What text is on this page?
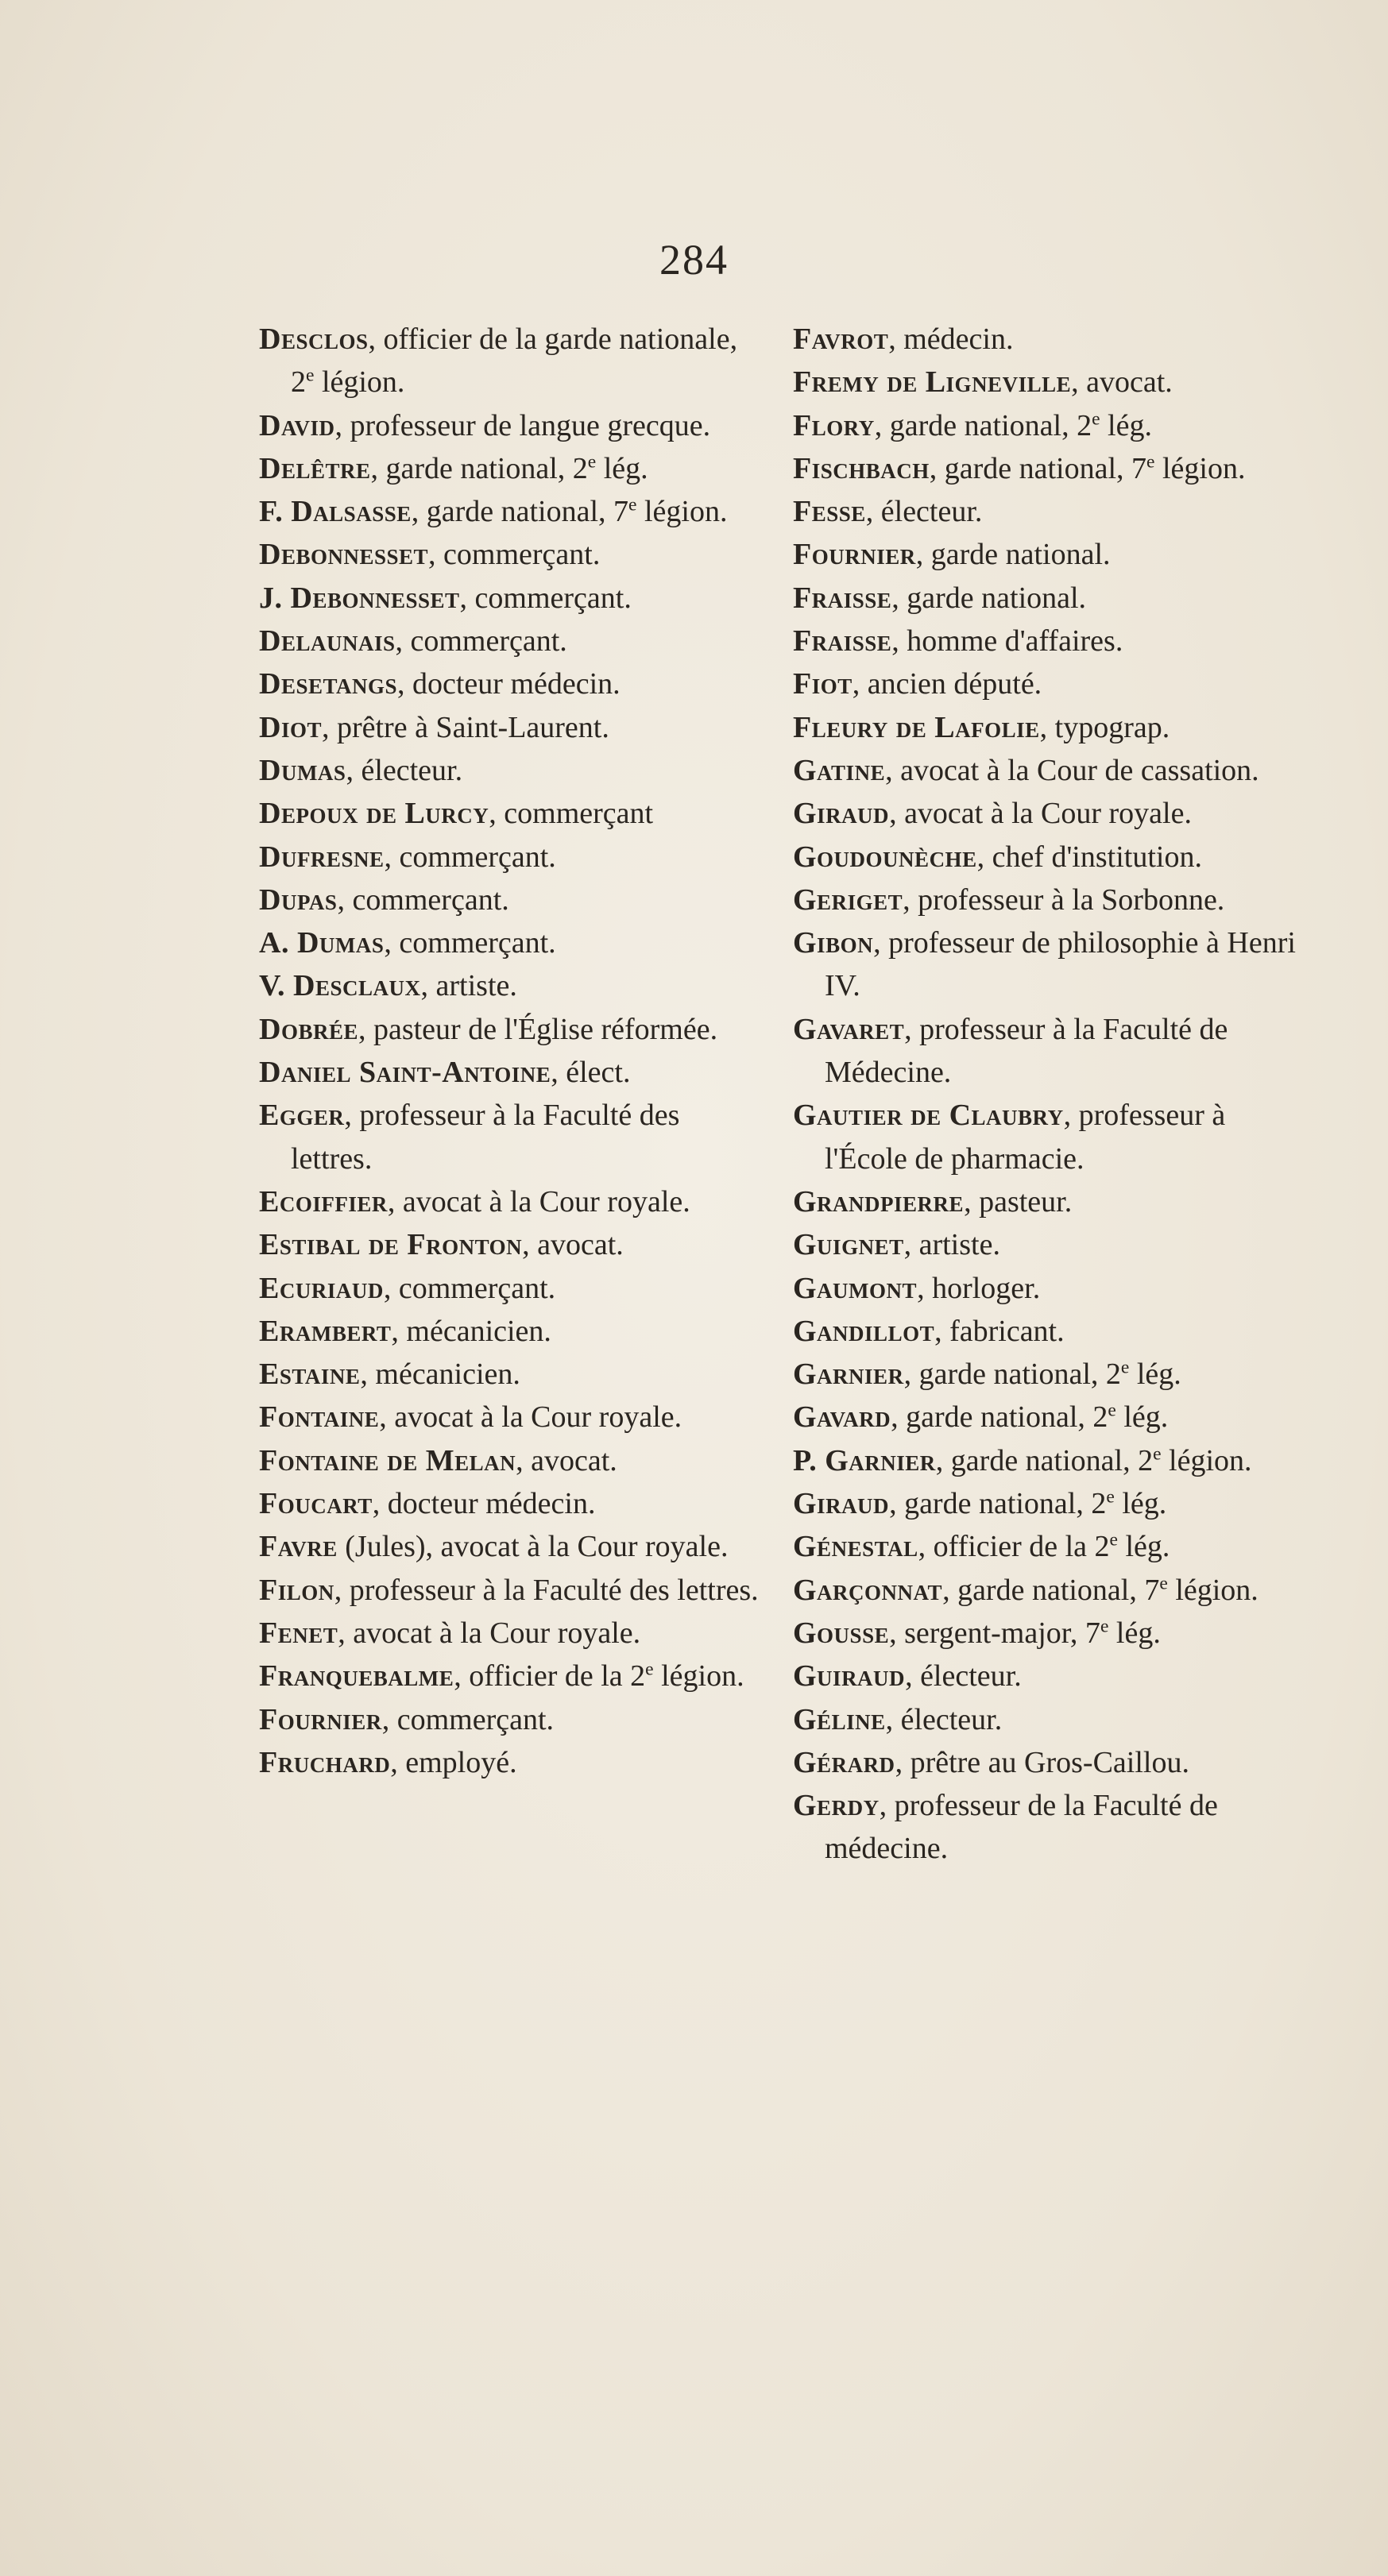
284

Desclos, officier de la garde nationale, 2e légion.

David, professeur de langue grecque.

Delêtre, garde national, 2e lég.

F. Dalsasse, garde national, 7e légion.

Debonnesset, commerçant.

J. Debonnesset, commerçant.

Delaunais, commerçant.

Desetangs, docteur médecin.

Diot, prêtre à Saint-Laurent.

Dumas, électeur.

Depoux de Lurcy, commerçant

Dufresne, commerçant.

Dupas, commerçant.

A. Dumas, commerçant.

V. Desclaux, artiste.

Dobrée, pasteur de l'Église réformée.

Daniel Saint-Antoine, élect.

Egger, professeur à la Faculté des lettres.

Ecoiffier, avocat à la Cour royale.

Estibal de Fronton, avocat.

Ecuriaud, commerçant.

Erambert, mécanicien.

Estaine, mécanicien.

Fontaine, avocat à la Cour royale.

Fontaine de Melan, avocat.

Foucart, docteur médecin.

Favre (Jules), avocat à la Cour royale.

Filon, professeur à la Faculté des lettres.

Fenet, avocat à la Cour royale.

Franquebalme, officier de la 2e légion.

Fournier, commerçant.

Fruchard, employé.

Favrot, médecin.

Fremy de Ligneville, avocat.

Flory, garde national, 2e lég.

Fischbach, garde national, 7e légion.

Fesse, électeur.

Fournier, garde national.

Fraisse, garde national.

Fraisse, homme d'affaires.

Fiot, ancien député.

Fleury de Lafolie, typograp.

Gatine, avocat à la Cour de cassation.

Giraud, avocat à la Cour royale.

Goudounèche, chef d'institution.

Geriget, professeur à la Sorbonne.

Gibon, professeur de philosophie à Henri IV.

Gavaret, professeur à la Faculté de Médecine.

Gautier de Claubry, professeur à l'École de pharmacie.

Grandpierre, pasteur.

Guignet, artiste.

Gaumont, horloger.

Gandillot, fabricant.

Garnier, garde national, 2e lég.

Gavard, garde national, 2e lég.

P. Garnier, garde national, 2e légion.

Giraud, garde national, 2e lég.

Génestal, officier de la 2e lég.

Garçonnat, garde national, 7e légion.

Gousse, sergent-major, 7e lég.

Guiraud, électeur.

Géline, électeur.

Gérard, prêtre au Gros-Caillou.

Gerdy, professeur de la Faculté de médecine.
